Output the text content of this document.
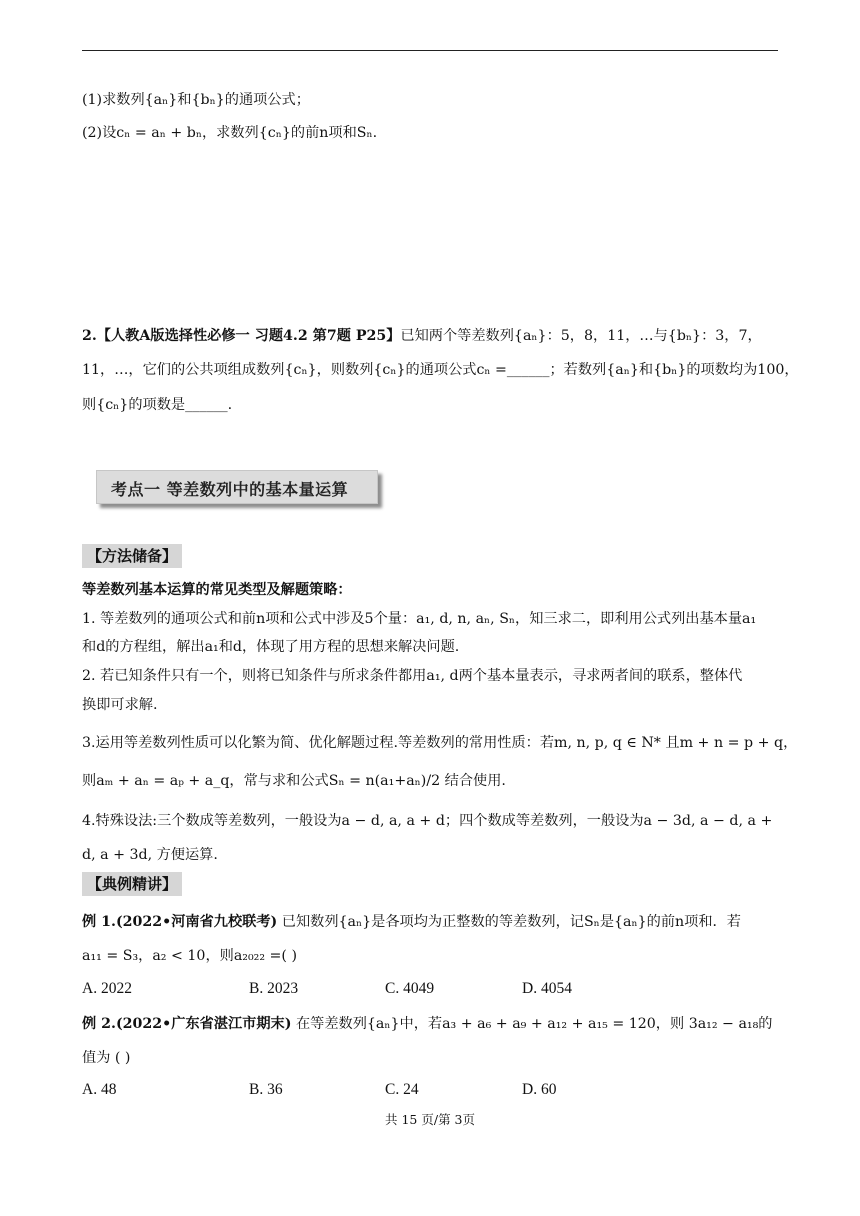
(1)求数列{aₙ}和{bₙ}的通项公式；
(2)设cₙ = aₙ + bₙ，求数列{cₙ}的前n项和Sₙ.
2.【人教A版选择性必修一 习题4.2 第7题 P25】已知两个等差数列{aₙ}：5，8，11，…与{bₙ}：3，7，
11，…，它们的公共项组成数列{cₙ}，则数列{cₙ}的通项公式cₙ =______；若数列{aₙ}和{bₙ}的项数均为100，
则{cₙ}的项数是______.
考点一 等差数列中的基本量运算
【方法储备】
等差数列基本运算的常见类型及解题策略：
1. 等差数列的通项公式和前n项和公式中涉及5个量：a₁, d, n, aₙ, Sₙ，知三求二，即利用公式列出基本量a₁
和d的方程组，解出a₁和d，体现了用方程的思想来解决问题.
2. 若已知条件只有一个，则将已知条件与所求条件都用a₁, d两个基本量表示，寻求两者间的联系，整体代
换即可求解.
3.运用等差数列性质可以化繁为简、优化解题过程.等差数列的常用性质：若m, n, p, q ∈ N* 且m + n = p + q，
则aₘ + aₙ = aₚ + a_q，常与求和公式Sₙ = n(a₁+aₙ)/2 结合使用.
4.特殊设法:三个数成等差数列，一般设为a − d, a, a + d；四个数成等差数列，一般设为a − 3d, a − d, a +
d, a + 3d, 方便运算.
【典例精讲】
例 1.(2022•河南省九校联考) 已知数列{aₙ}是各项均为正整数的等差数列，记Sₙ是{aₙ}的前n项和．若
a₁₁ = S₃，a₂ < 10，则a₂₀₂₂ =( )
A. 2022	B. 2023	C. 4049	D. 4054
例 2.(2022•广东省湛江市期末) 在等差数列{aₙ}中，若a₃ + a₆ + a₉ + a₁₂ + a₁₅ = 120，则 3a₁₂ − a₁₈的
值为 ( )
A. 48	B. 36	C. 24	D. 60
共 15 页/第 3页
